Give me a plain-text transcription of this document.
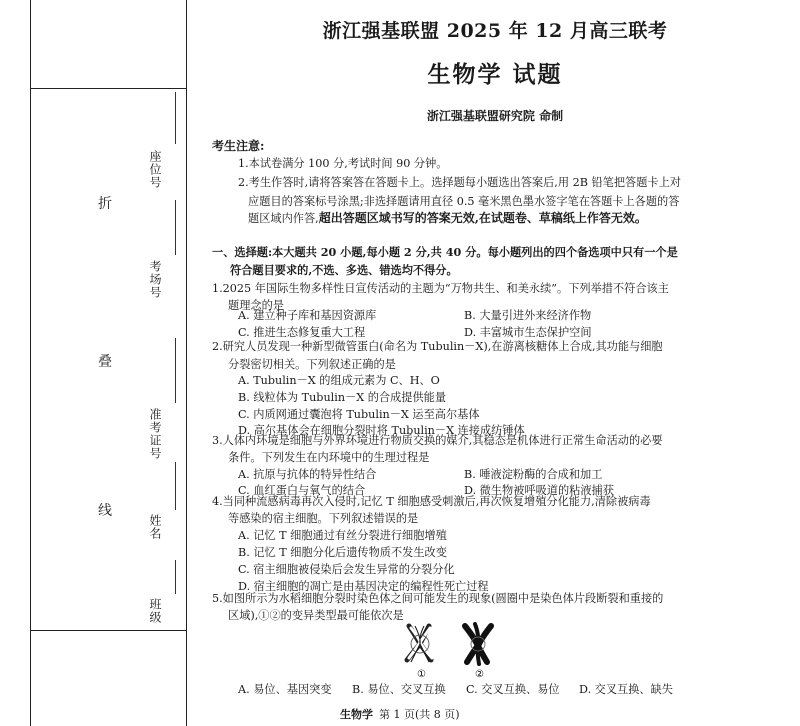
折
叠
线
座位号
考场号
准考证号
姓名
班级
浙江强基联盟 2025 年 12 月高三联考
生物学 试题
浙江强基联盟研究院 命制
考生注意:
1.本试卷满分 100 分,考试时间 90 分钟。
2.考生作答时,请将答案答在答题卡上。选择题每小题选出答案后,用 2B 铅笔把答题卡上对
应题目的答案标号涂黑;非选择题请用直径 0.5 毫米黑色墨水签字笔在答题卡上各题的答
题区域内作答,超出答题区域书写的答案无效,在试题卷、草稿纸上作答无效。
一、选择题:本大题共 20 小题,每小题 2 分,共 40 分。每小题列出的四个备选项中只有一个是
符合题目要求的,不选、多选、错选均不得分。
1.2025 年国际生物多样性日宣传活动的主题为“万物共生、和美永续”。下列举措不符合该主
题理念的是
A. 建立种子库和基因资源库	B. 大量引进外来经济作物
C. 推进生态修复重大工程	D. 丰富城市生态保护空间
2.研究人员发现一种新型微管蛋白(命名为 Tubulin－X),在游离核糖体上合成,其功能与细胞
分裂密切相关。下列叙述正确的是
A. Tubulin－X 的组成元素为 C、H、O
B. 线粒体为 Tubulin－X 的合成提供能量
C. 内质网通过囊泡将 Tubulin－X 运至高尔基体
D. 高尔基体会在细胞分裂时将 Tubulin－X 连接成纺锤体
3.人体内环境是细胞与外界环境进行物质交换的媒介,其稳态是机体进行正常生命活动的必要
条件。下列发生在内环境中的生理过程是
A. 抗原与抗体的特异性结合	B. 唾液淀粉酶的合成和加工
C. 血红蛋白与氧气的结合	D. 微生物被呼吸道的粘液捕获
4.当同种流感病毒再次入侵时,记忆 T 细胞感受刺激后,再次恢复增殖分化能力,清除被病毒
等感染的宿主细胞。下列叙述错误的是
A. 记忆 T 细胞通过有丝分裂进行细胞增殖
B. 记忆 T 细胞分化后遗传物质不发生改变
C. 宿主细胞被侵染后会发生异常的分裂分化
D. 宿主细胞的凋亡是由基因决定的编程性死亡过程
5.如图所示为水稻细胞分裂时染色体之间可能发生的现象(圆圈中是染色体片段断裂和重接的
区域),①②的变异类型最可能依次是
①	②
A. 易位、基因突变 B. 易位、交叉互换 C. 交叉互换、易位 D. 交叉互换、缺失
生物学 第 1 页(共 8 页)
